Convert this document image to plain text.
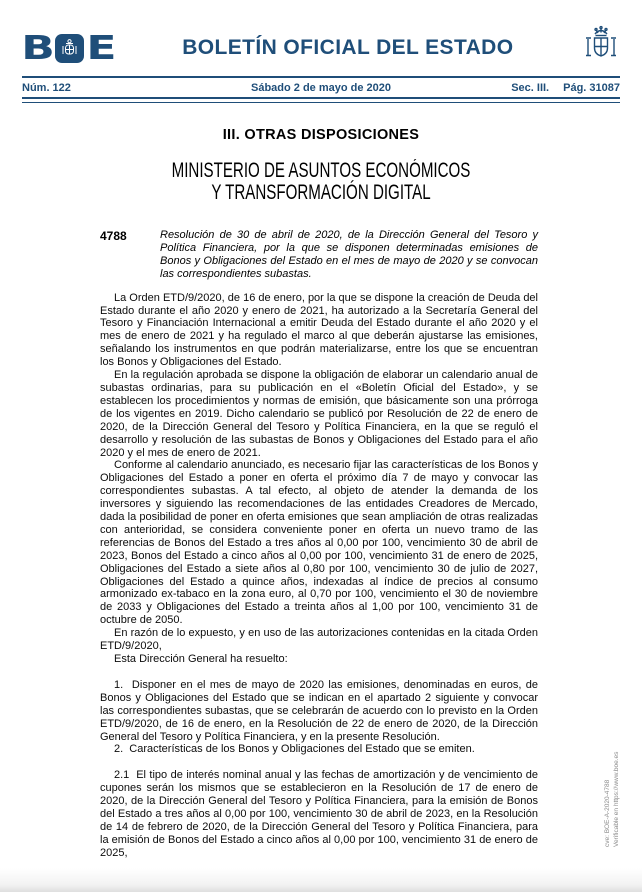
B E	BOLETÍN OFICIAL DEL ESTADO
Núm. 122	Sábado 2 de mayo de 2020	Sec. III. Pág. 31087
III. OTRAS DISPOSICIONES
MINISTERIO DE ASUNTOS ECONÓMICOS
Y TRANSFORMACIÓN DIGITAL
4788	Resolución de 30 de abril de 2020, de la Dirección General del Tesoro y Política Financiera, por la que se disponen determinadas emisiones de Bonos y Obligaciones del Estado en el mes de mayo de 2020 y se convocan las correspondientes subastas.

La Orden ETD/9/2020, de 16 de enero, por la que se dispone la creación de Deuda del Estado durante el año 2020 y enero de 2021, ha autorizado a la Secretaría General del Tesoro y Financiación Internacional a emitir Deuda del Estado durante el año 2020 y el mes de enero de 2021 y ha regulado el marco al que deberán ajustarse las emisiones, señalando los instrumentos en que podrán materializarse, entre los que se encuentran los Bonos y Obligaciones del Estado.

En la regulación aprobada se dispone la obligación de elaborar un calendario anual de subastas ordinarias, para su publicación en el «Boletín Oficial del Estado», y se establecen los procedimientos y normas de emisión, que básicamente son una prórroga de los vigentes en 2019. Dicho calendario se publicó por Resolución de 22 de enero de 2020, de la Dirección General del Tesoro y Política Financiera, en la que se reguló el desarrollo y resolución de las subastas de Bonos y Obligaciones del Estado para el año 2020 y el mes de enero de 2021.

Conforme al calendario anunciado, es necesario fijar las características de los Bonos y Obligaciones del Estado a poner en oferta el próximo día 7 de mayo y convocar las correspondientes subastas. A tal efecto, al objeto de atender la demanda de los inversores y siguiendo las recomendaciones de las entidades Creadores de Mercado, dada la posibilidad de poner en oferta emisiones que sean ampliación de otras realizadas con anterioridad, se considera conveniente poner en oferta un nuevo tramo de las referencias de Bonos del Estado a tres años al 0,00 por 100, vencimiento 30 de abril de 2023, Bonos del Estado a cinco años al 0,00 por 100, vencimiento 31 de enero de 2025, Obligaciones del Estado a siete años al 0,80 por 100, vencimiento 30 de julio de 2027, Obligaciones del Estado a quince años, indexadas al índice de precios al consumo armonizado ex-tabaco en la zona euro, al 0,70 por 100, vencimiento el 30 de noviembre de 2033 y Obligaciones del Estado a treinta años al 1,00 por 100, vencimiento 31 de octubre de 2050.

En razón de lo expuesto, y en uso de las autorizaciones contenidas en la citada Orden ETD/9/2020,

Esta Dirección General ha resuelto:

1.  Disponer en el mes de mayo de 2020 las emisiones, denominadas en euros, de Bonos y Obligaciones del Estado que se indican en el apartado 2 siguiente y convocar las correspondientes subastas, que se celebrarán de acuerdo con lo previsto en la Orden ETD/9/2020, de 16 de enero, en la Resolución de 22 de enero de 2020, de la Dirección General del Tesoro y Política Financiera, y en la presente Resolución.

2.  Características de los Bonos y Obligaciones del Estado que se emiten.

2.1  El tipo de interés nominal anual y las fechas de amortización y de vencimiento de cupones serán los mismos que se establecieron en la Resolución de 17 de enero de 2020, de la Dirección General del Tesoro y Política Financiera, para la emisión de Bonos del Estado a tres años al 0,00 por 100, vencimiento 30 de abril de 2023, en la Resolución de 14 de febrero de 2020, de la Dirección General del Tesoro y Política Financiera, para la emisión de Bonos del Estado a cinco años al 0,00 por 100, vencimiento 31 de enero de 2025,

cve: BOE-A-2020-4788 Verificable en https://www.boe.es
